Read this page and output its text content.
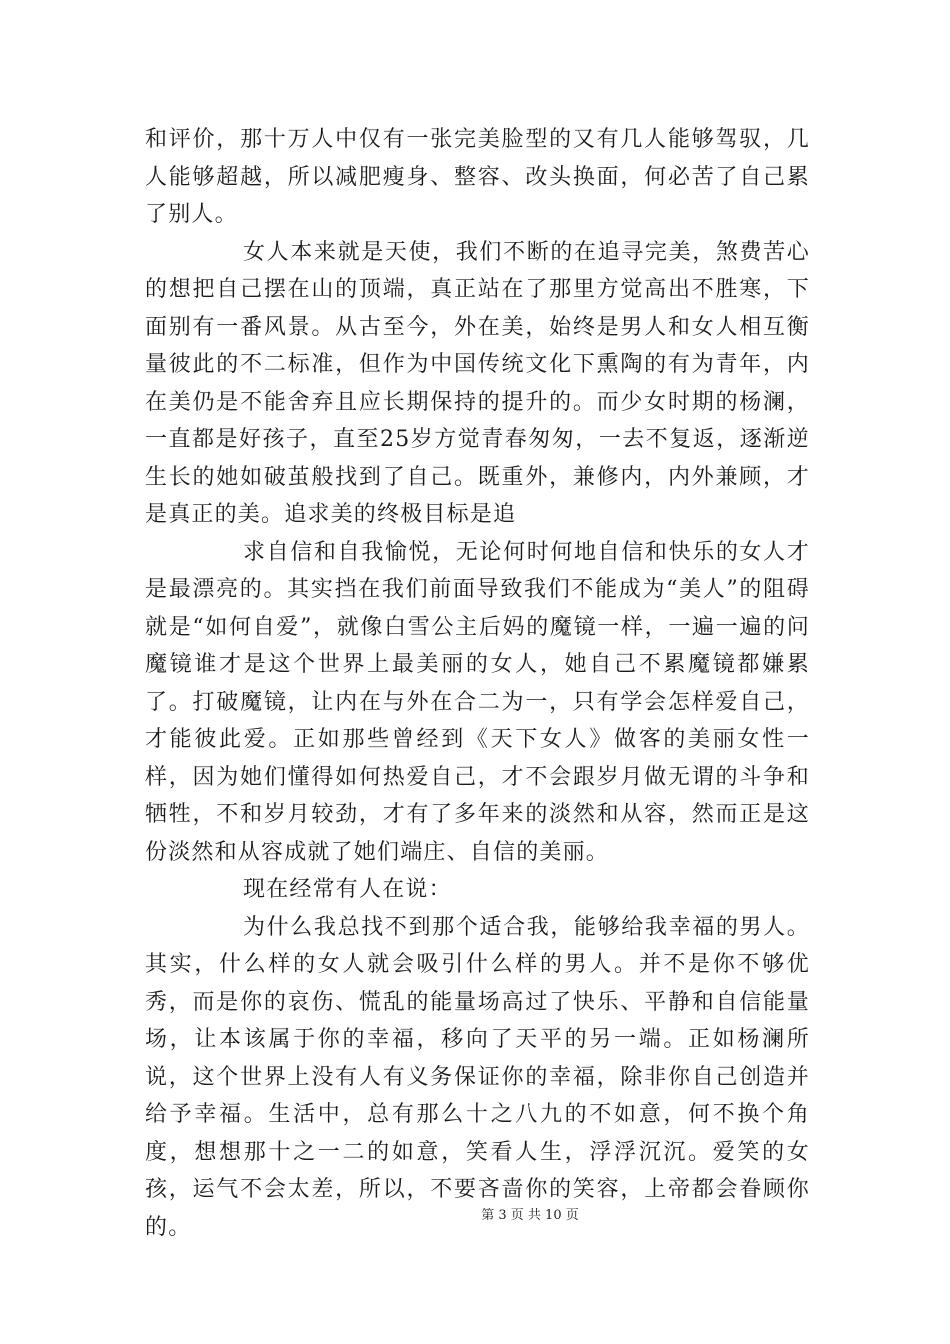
和评价，那十万人中仅有一张完美脸型的又有几人能够驾驭，几人能够超越，所以减肥瘦身、整容、改头换面，何必苦了自己累了别人。

女人本来就是天使，我们不断的在追寻完美，煞费苦心的想把自己摆在山的顶端，真正站在了那里方觉高出不胜寒，下面别有一番风景。从古至今，外在美，始终是男人和女人相互衡量彼此的不二标准，但作为中国传统文化下熏陶的有为青年，内在美仍是不能舍弃且应长期保持的提升的。而少女时期的杨澜，一直都是好孩子，直至25岁方觉青春匆匆，一去不复返，逐渐逆生长的她如破茧般找到了自己。既重外，兼修内，内外兼顾，才是真正的美。追求美的终极目标是追

求自信和自我愉悦，无论何时何地自信和快乐的女人才是最漂亮的。其实挡在我们前面导致我们不能成为“美人”的阻碍就是“如何自爱”，就像白雪公主后妈的魔镜一样，一遍一遍的问魔镜谁才是这个世界上最美丽的女人，她自己不累魔镜都嫌累了。打破魔镜，让内在与外在合二为一，只有学会怎样爱自己，才能彼此爱。正如那些曾经到《天下女人》做客的美丽女性一样，因为她们懂得如何热爱自己，才不会跟岁月做无谓的斗争和牺牲，不和岁月较劲，才有了多年来的淡然和从容，然而正是这份淡然和从容成就了她们端庄、自信的美丽。

现在经常有人在说：

为什么我总找不到那个适合我，能够给我幸福的男人。其实，什么样的女人就会吸引什么样的男人。并不是你不够优秀，而是你的哀伤、慌乱的能量场高过了快乐、平静和自信能量场，让本该属于你的幸福，移向了天平的另一端。正如杨澜所说，这个世界上没有人有义务保证你的幸福，除非你自己创造并给予幸福。生活中，总有那么十之八九的不如意，何不换个角度，想想那十之一二的如意，笑看人生，浮浮沉沉。爱笑的女孩，运气不会太差，所以，不要吝啬你的笑容，上帝都会眷顾你的。	第 3 页 共 10 页
